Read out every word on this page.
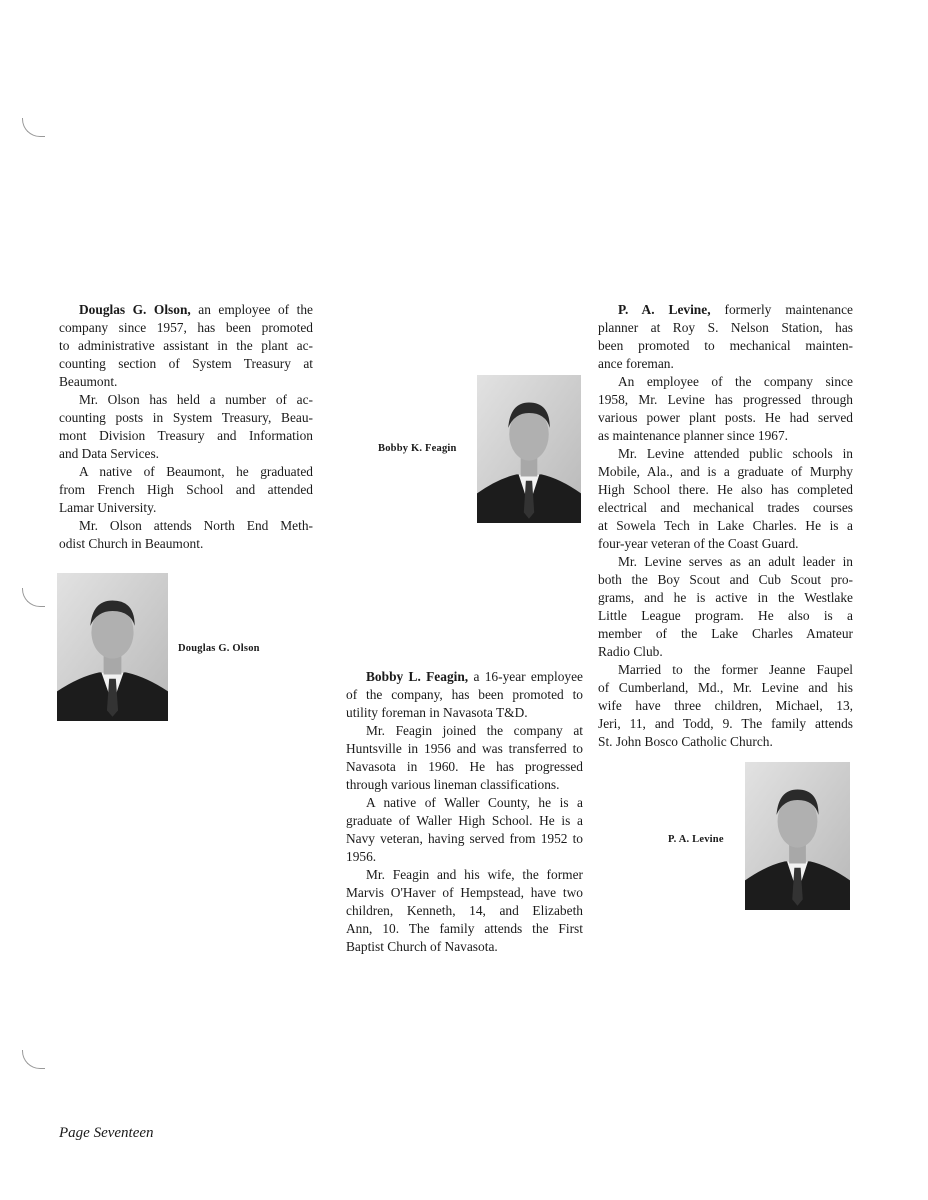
Douglas G. Olson, an employee of the
company since 1957, has been promoted
to administrative assistant in the plant ac-
counting section of System Treasury at
Beaumont.
Mr. Olson has held a number of ac-
counting posts in System Treasury, Beau-
mont Division Treasury and Information
and Data Services.
A native of Beaumont, he graduated
from French High School and attended
Lamar University.
Mr. Olson attends North End Meth-
odist Church in Beaumont.
Bobby L. Feagin, a 16-year employee
of the company, has been promoted to
utility foreman in Navasota T&D.
Mr. Feagin joined the company at
Huntsville in 1956 and was transferred to
Navasota in 1960. He has progressed
through various lineman classifications.
A native of Waller County, he is a
graduate of Waller High School. He is a
Navy veteran, having served from 1952 to
1956.
Mr. Feagin and his wife, the former
Marvis O'Haver of Hempstead, have two
children, Kenneth, 14, and Elizabeth
Ann, 10. The family attends the First
Baptist Church of Navasota.
P. A. Levine, formerly maintenance
planner at Roy S. Nelson Station, has
been promoted to mechanical mainten-
ance foreman.
An employee of the company since
1958, Mr. Levine has progressed through
various power plant posts. He had served
as maintenance planner since 1967.
Mr. Levine attended public schools in
Mobile, Ala., and is a graduate of Murphy
High School there. He also has completed
electrical and mechanical trades courses
at Sowela Tech in Lake Charles. He is a
four-year veteran of the Coast Guard.
Mr. Levine serves as an adult leader in
both the Boy Scout and Cub Scout pro-
grams, and he is active in the Westlake
Little League program. He also is a
member of the Lake Charles Amateur
Radio Club.
Married to the former Jeanne Faupel
of Cumberland, Md., Mr. Levine and his
wife have three children, Michael, 13,
Jeri, 11, and Todd, 9. The family attends
St. John Bosco Catholic Church.
Douglas G. Olson
Bobby K. Feagin
P. A. Levine
Page Seventeen
